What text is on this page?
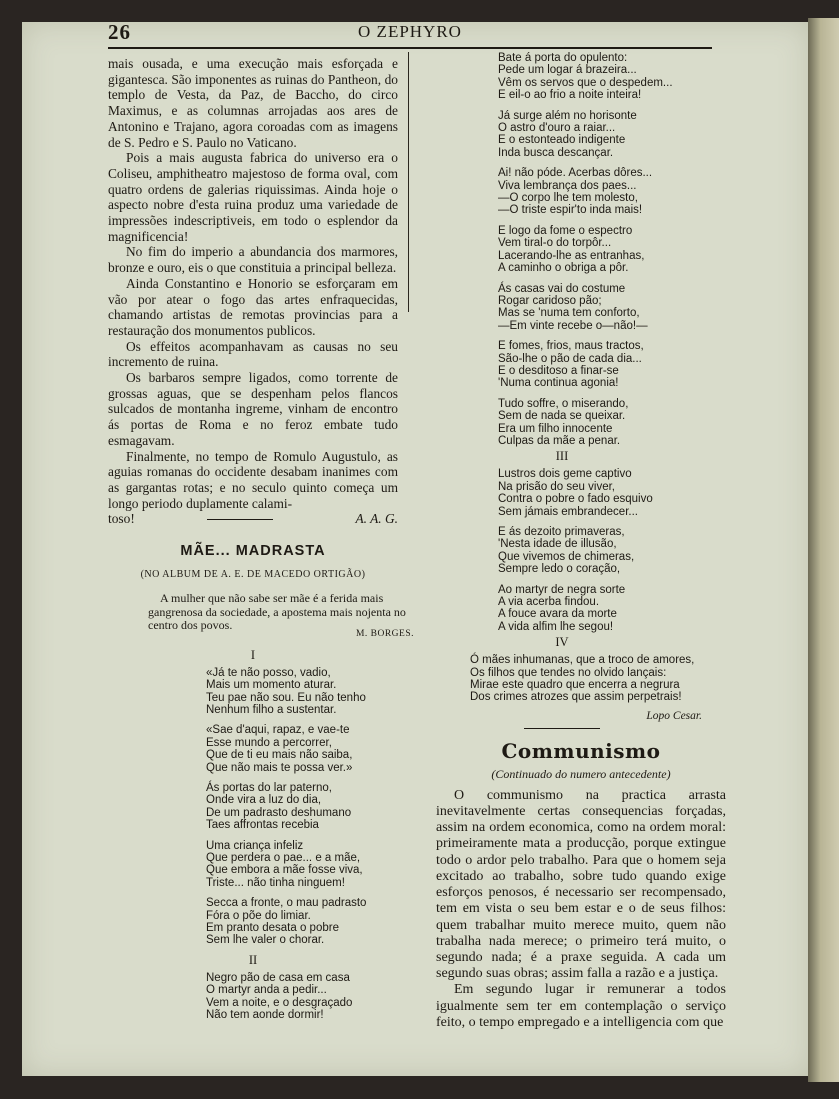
26	O ZEPHYRO

mais ousada, e uma execução mais esforçada e gigantesca. São imponentes as ruinas do Pantheon, do templo de Vesta, da Paz, de Baccho, do circo Maximus, e as columnas arrojadas aos ares de Antonino e Trajano, agora coroadas com as imagens de S. Pedro e S. Paulo no Vaticano.

Pois a mais augusta fabrica do universo era o Coliseu, amphitheatro majestoso de forma oval, com quatro ordens de galerias riquissimas. Ainda hoje o aspecto nobre d'esta ruina produz uma variedade de impressões indescriptiveis, em todo o esplendor da magnificencia!

No fim do imperio a abundancia dos marmores, bronze e ouro, eis o que constituia a principal belleza.

Ainda Constantino e Honorio se esforçaram em vão por atear o fogo das artes enfraquecidas, chamando artistas de remotas provincias para a restauração dos monumentos publicos.

Os effeitos acompanhavam as causas no seu incremento de ruina.

Os barbaros sempre ligados, como torrente de grossas aguas, que se despenham pelos flancos sulcados de montanha ingreme, vinham de encontro ás portas de Roma e no feroz embate tudo esmagavam.

Finalmente, no tempo de Romulo Augustulo, as aguias romanas do occidente desabam inanimes com as gargantas rotas; e no seculo quinto começa um longo periodo duplamente calami-

toso!	A. A. G.
MÃE... MADRASTA
(NO ALBUM DE A. E. DE MACEDO ORTIGÃO)
A mulher que não sabe ser mãe é a ferida mais gangrenosa da sociedade, a apostema mais nojenta no centro dos povos.
M. BORGES.
I
«Já te não posso, vadio,
Mais um momento aturar.
Teu pae não sou. Eu não tenho
Nenhum filho a sustentar.
«Sae d'aqui, rapaz, e vae-te
Esse mundo a percorrer,
Que de ti eu mais não saiba,
Que não mais te possa ver.»
Ás portas do lar paterno,
Onde vira a luz do dia,
De um padrasto deshumano
Taes affrontas recebia
Uma criança infeliz
Que perdera o pae... e a mãe,
Que embora a mãe fosse viva,
Triste... não tinha ninguem!
Secca a fronte, o mau padrasto
Fóra o põe do limiar.
Em pranto desata o pobre
Sem lhe valer o chorar.
II
Negro pão de casa em casa
O martyr anda a pedir...
Vem a noite, e o desgraçado
Não tem aonde dormir!
Bate á porta do opulento:
Pede um logar á brazeira...
Vêm os servos que o despedem...
E eil-o ao frio a noite inteira!
Já surge além no horisonte
O astro d'ouro a raiar...
E o estonteado indigente
Inda busca descançar.
Ai! não póde. Acerbas dôres...
Viva lembrança dos paes...
—O corpo lhe tem molesto,
—O triste espir'to inda mais!
E logo da fome o espectro
Vem tiral-o do torpôr...
Lacerando-lhe as entranhas,
A caminho o obriga a pôr.
Ás casas vai do costume
Rogar caridoso pão;
Mas se 'numa tem conforto,
—Em vinte recebe o—não!—
E fomes, frios, maus tractos,
São-lhe o pão de cada dia...
E o desditoso a finar-se
'Numa continua agonia!
Tudo soffre, o miserando,
Sem de nada se queixar.
Era um filho innocente
Culpas da mãe a penar.
III
Lustros dois geme captivo
Na prisão do seu viver,
Contra o pobre o fado esquivo
Sem jámais embrandecer...
E ás dezoito primaveras,
'Nesta idade de illusão,
Que vivemos de chimeras,
Sempre ledo o coração,
Ao martyr de negra sorte
A via acerba findou.
A fouce avara da morte
A vida alfim lhe segou!
IV
Ó mães inhumanas, que a troco de amores,
Os filhos que tendes no olvido lançais:
Mirae este quadro que encerra a negrura
Dos crimes atrozes que assim perpetrais!
Lopo Cesar.
Communismo
(Continuado do numero antecedente)

O communismo na practica arrasta inevitavelmente certas consequencias forçadas, assim na ordem economica, como na ordem moral: primeiramente mata a producção, porque extingue todo o ardor pelo trabalho. Para que o homem seja excitado ao trabalho, sobre tudo quando exige esforços penosos, é necessario ser recompensado, tem em vista o seu bem estar e o de seus filhos: quem trabalhar muito merece muito, quem não trabalha nada merece; o primeiro terá muito, o segundo nada; é a praxe seguida. A cada um segundo suas obras; assim falla a razão e a justiça.

Em segundo lugar ir remunerar a todos igualmente sem ter em contemplação o serviço feito, o tempo empregado e a intelligencia com que
